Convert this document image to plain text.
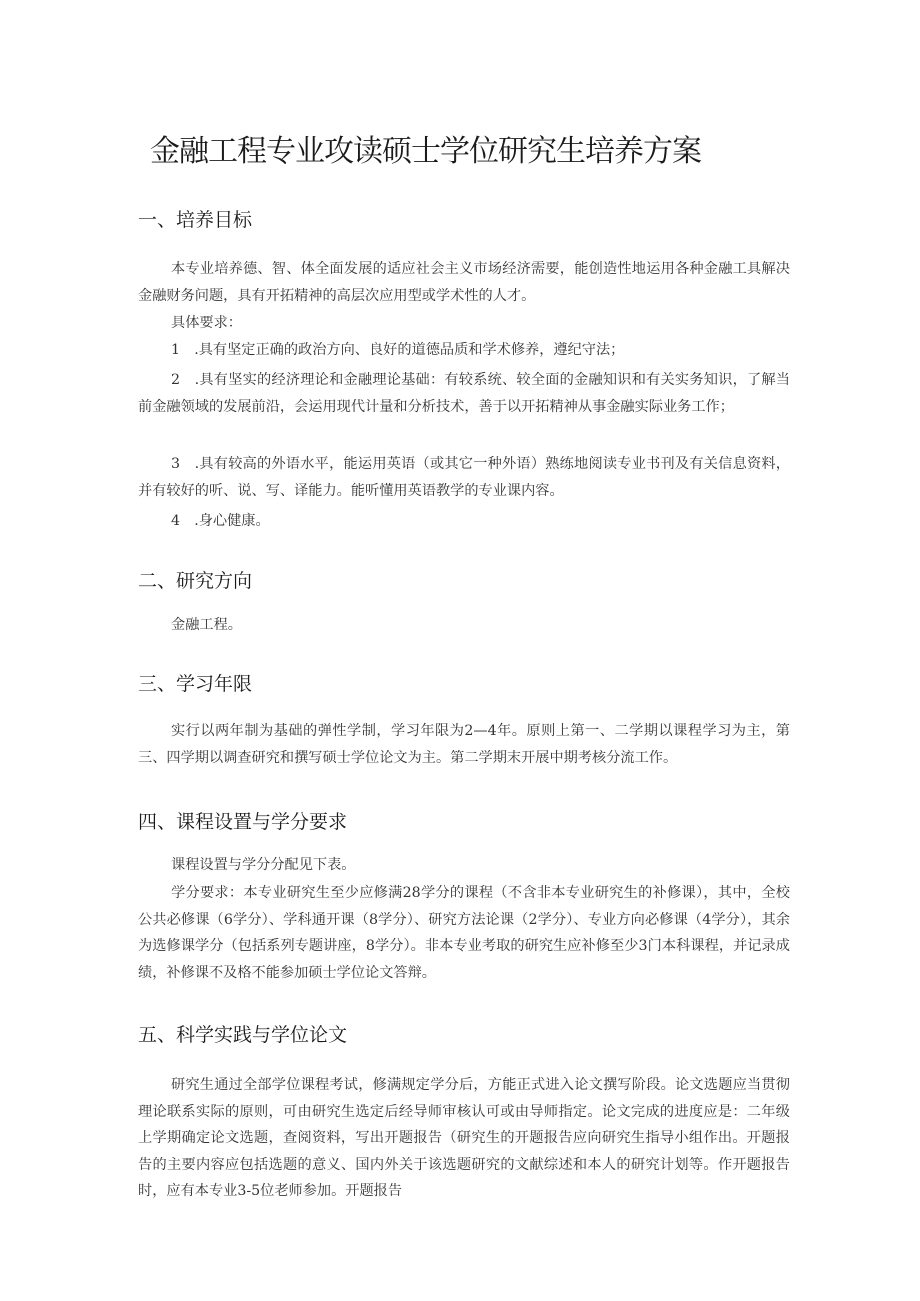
金融工程专业攻读硕士学位研究生培养方案
一、培养目标
本专业培养德、智、体全面发展的适应社会主义市场经济需要，能创造性地运用各种金融工具解决金融财务问题，具有开拓精神的高层次应用型或学术性的人才。
具体要求：
1　.具有坚定正确的政治方向、良好的道德品质和学术修养，遵纪守法；
2　.具有坚实的经济理论和金融理论基础：有较系统、较全面的金融知识和有关实务知识，了解当前金融领域的发展前沿，会运用现代计量和分析技术，善于以开拓精神从事金融实际业务工作；
3　.具有较高的外语水平，能运用英语（或其它一种外语）熟练地阅读专业书刊及有关信息资料，并有较好的听、说、写、译能力。能听懂用英语教学的专业课内容。
4　.身心健康。
二、研究方向
金融工程。
三、学习年限
实行以两年制为基础的弹性学制，学习年限为2—4年。原则上第一、二学期以课程学习为主，第三、四学期以调查研究和撰写硕士学位论文为主。第二学期末开展中期考核分流工作。
四、课程设置与学分要求
课程设置与学分分配见下表。
学分要求：本专业研究生至少应修满28学分的课程（不含非本专业研究生的补修课），其中，全校公共必修课（6学分）、学科通开课（8学分）、研究方法论课（2学分）、专业方向必修课（4学分），其余为选修课学分（包括系列专题讲座，8学分）。非本专业考取的研究生应补修至少3门本科课程，并记录成绩，补修课不及格不能参加硕士学位论文答辩。
五、科学实践与学位论文
研究生通过全部学位课程考试，修满规定学分后，方能正式进入论文撰写阶段。论文选题应当贯彻理论联系实际的原则，可由研究生选定后经导师审核认可或由导师指定。论文完成的进度应是：二年级上学期确定论文选题，查阅资料，写出开题报告（研究生的开题报告应向研究生指导小组作出。开题报告的主要内容应包括选题的意义、国内外关于该选题研究的文献综述和本人的研究计划等。作开题报告时，应有本专业3-5位老师参加。开题报告
